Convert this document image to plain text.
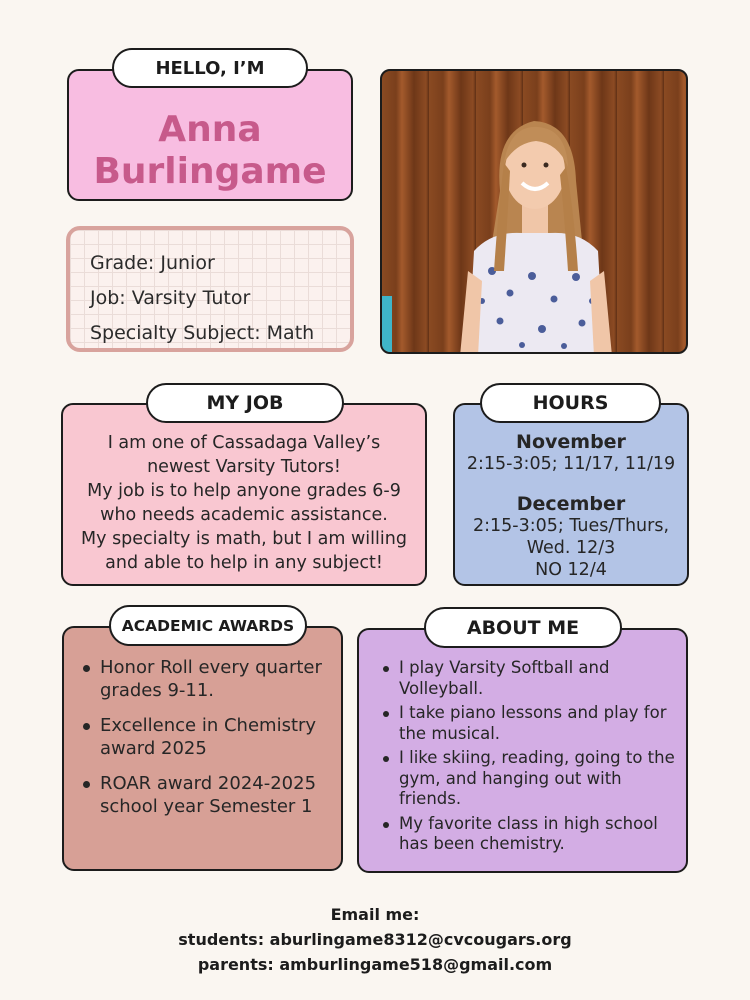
HELLO, I’M
Anna
Burlingame
Grade: Junior
Job: Varsity Tutor
Specialty Subject: Math
MY JOB
I am one of Cassadaga Valley’s
newest Varsity Tutors!
My job is to help anyone grades 6-9
who needs academic assistance.
My specialty is math, but I am willing
and able to help in any subject!
HOURS
November
2:15-3:05; 11/17, 11/19
December
2:15-3:05; Tues/Thurs,
Wed. 12/3
NO 12/4
ACADEMIC AWARDS
Honor Roll every quarter grades 9-11.
Excellence in Chemistry award 2025
ROAR award 2024-2025 school year Semester 1
ABOUT ME
I play Varsity Softball and Volleyball.
I take piano lessons and play for the musical.
I like skiing, reading, going to the gym, and hanging out with friends.
My favorite class in high school has been chemistry.
Email me:
students: aburlingame8312@cvcougars.org
parents: amburlingame518@gmail.com
